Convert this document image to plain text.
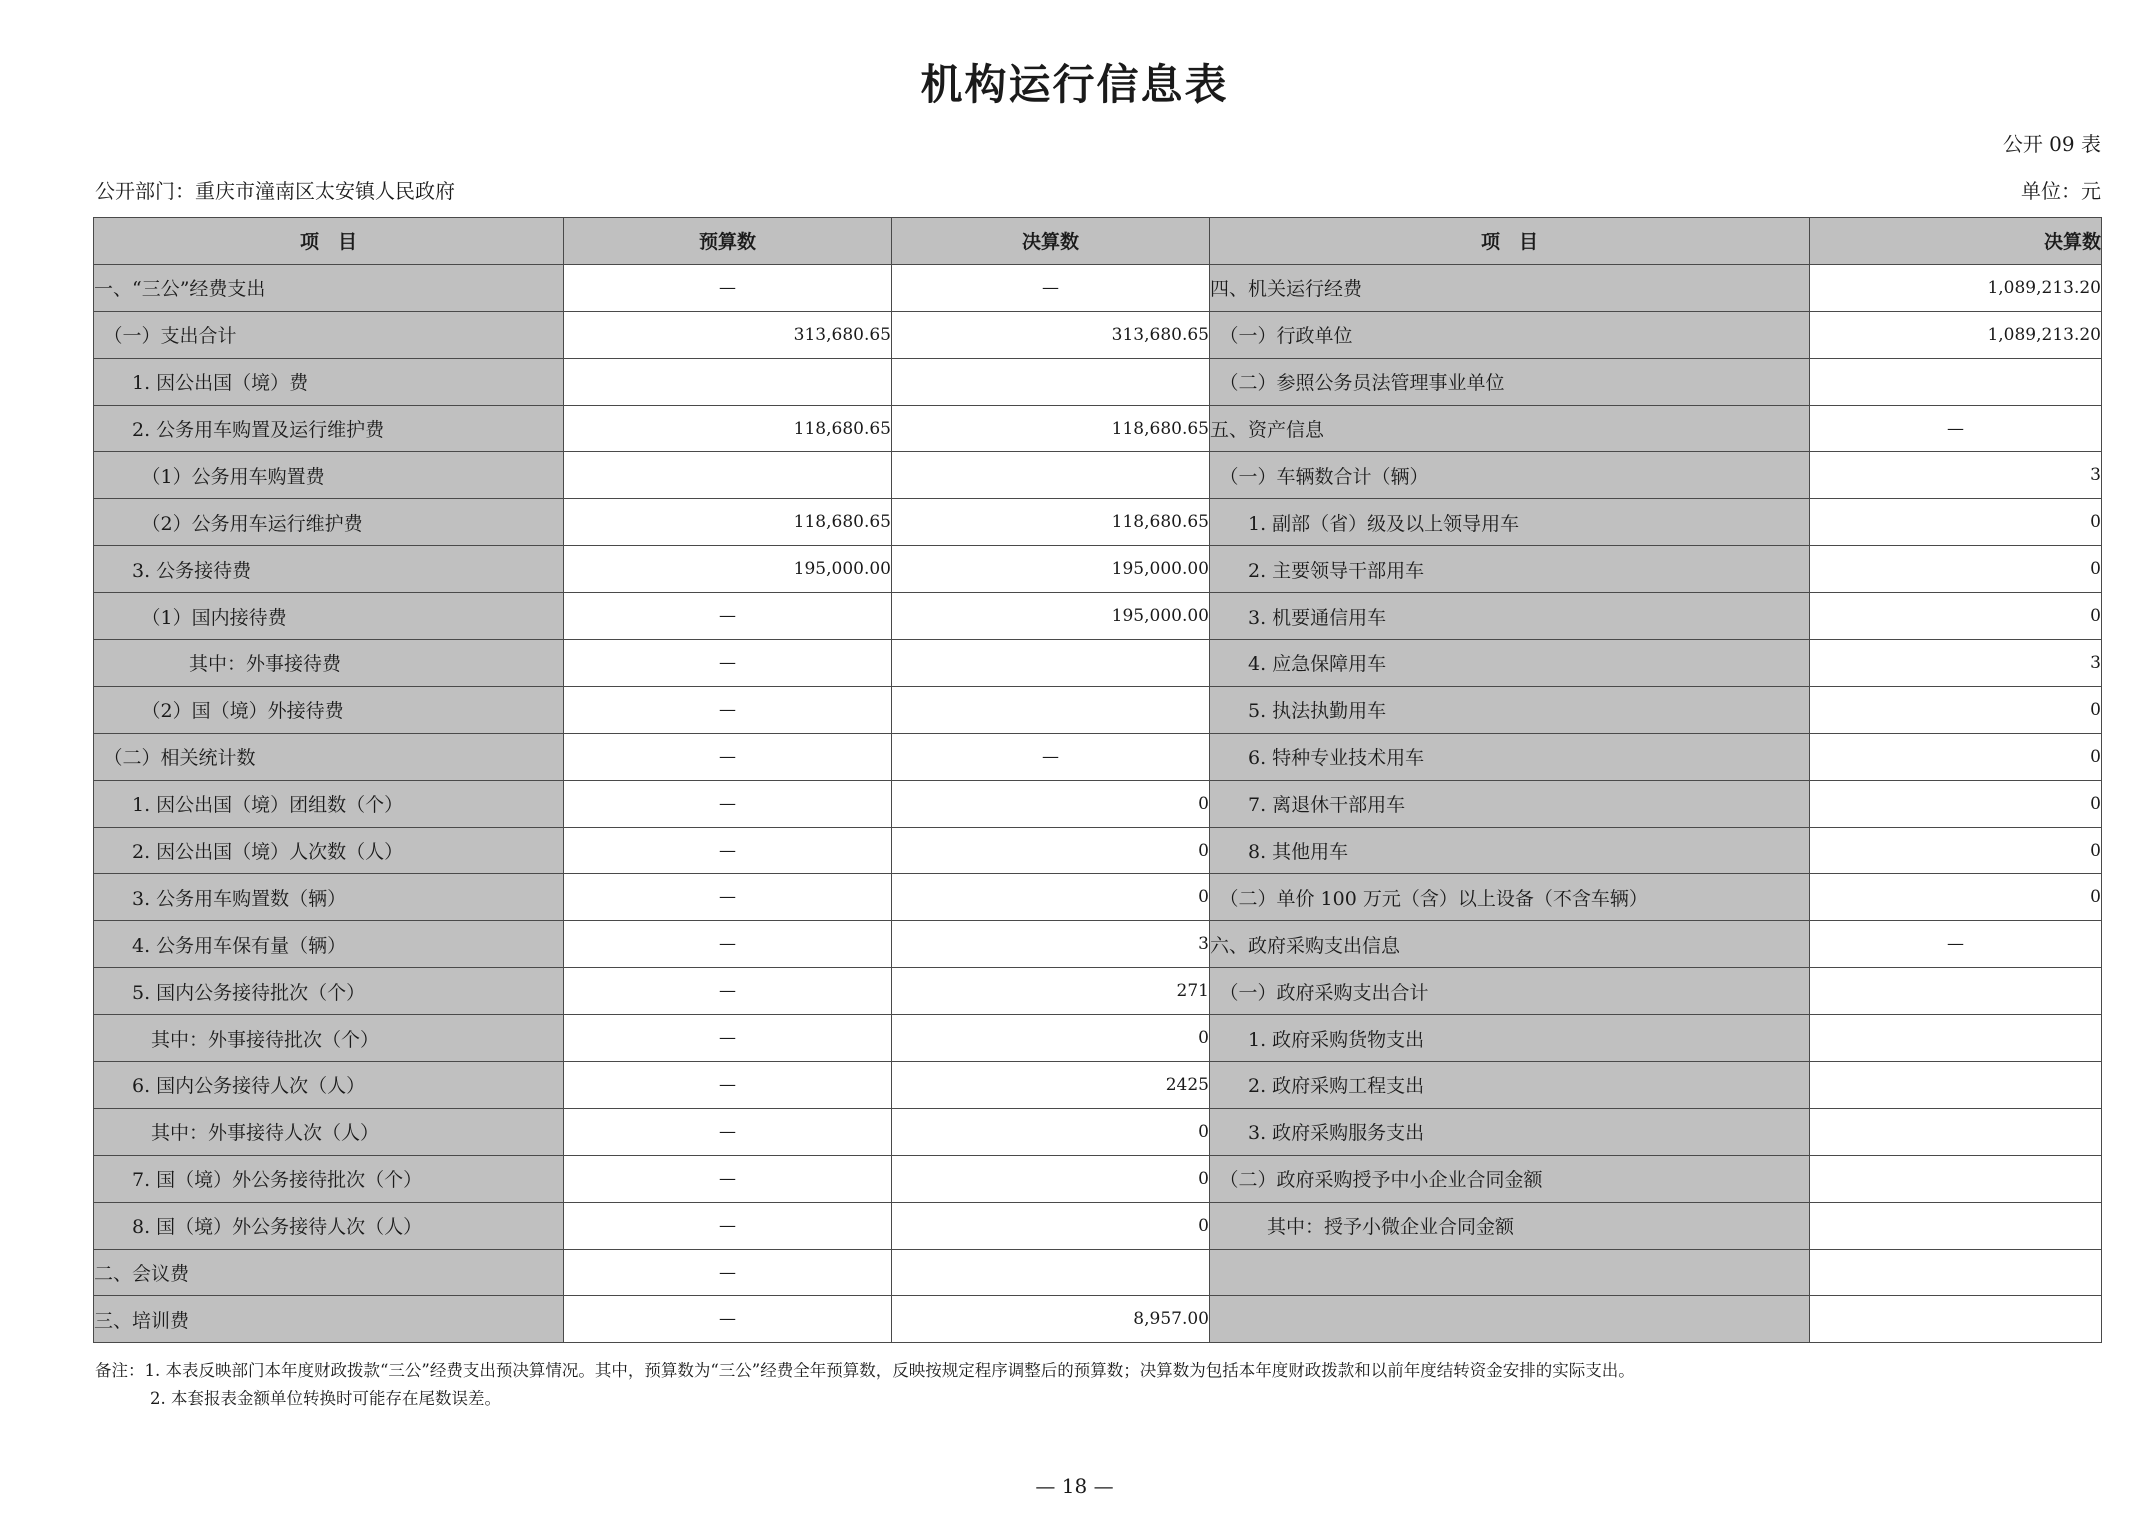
机构运行信息表
公开 09 表
公开部门：重庆市潼南区太安镇人民政府	单位：元
项　目	预算数	决算数	项　目	决算数
一、“三公”经费支出	—	—	四、机关运行经费	1,089,213.20
　（一）支出合计	313,680.65	313,680.65	　（一）行政单位	1,089,213.20
　　1. 因公出国（境）费			　（二）参照公务员法管理事业单位	
　　2. 公务用车购置及运行维护费	118,680.65	118,680.65	五、资产信息	—
　　　（1）公务用车购置费			　（一）车辆数合计（辆）	3
　　　（2）公务用车运行维护费	118,680.65	118,680.65	　　1. 副部（省）级及以上领导用车	0
　　3. 公务接待费	195,000.00	195,000.00	　　2. 主要领导干部用车	0
　　　（1）国内接待费	—	195,000.00	　　3. 机要通信用车	0
　　　　　其中：外事接待费	—		　　4. 应急保障用车	3
　　　（2）国（境）外接待费	—		　　5. 执法执勤用车	0
　（二）相关统计数	—	—	　　6. 特种专业技术用车	0
　　1. 因公出国（境）团组数（个）	—	0	　　7. 离退休干部用车	0
　　2. 因公出国（境）人次数（人）	—	0	　　8. 其他用车	0
　　3. 公务用车购置数（辆）	—	0	　（二）单价 100 万元（含）以上设备（不含车辆）	0
　　4. 公务用车保有量（辆）	—	3	六、政府采购支出信息	—
　　5. 国内公务接待批次（个）	—	271	　（一）政府采购支出合计	
　　　其中：外事接待批次（个）	—	0	　　1. 政府采购货物支出	
　　6. 国内公务接待人次（人）	—	2425	　　2. 政府采购工程支出	
　　　其中：外事接待人次（人）	—	0	　　3. 政府采购服务支出	
　　7. 国（境）外公务接待批次（个）	—	0	　（二）政府采购授予中小企业合同金额	
　　8. 国（境）外公务接待人次（人）	—	0	　　　其中：授予小微企业合同金额	
二、会议费	—			
三、培训费	—	8,957.00		
备注：1. 本表反映部门本年度财政拨款“三公”经费支出预决算情况。其中，预算数为“三公”经费全年预算数，反映按规定程序调整后的预算数；决算数为包括本年度财政拨款和以前年度结转资金安排的实际支出。
2. 本套报表金额单位转换时可能存在尾数误差。
— 18 —
